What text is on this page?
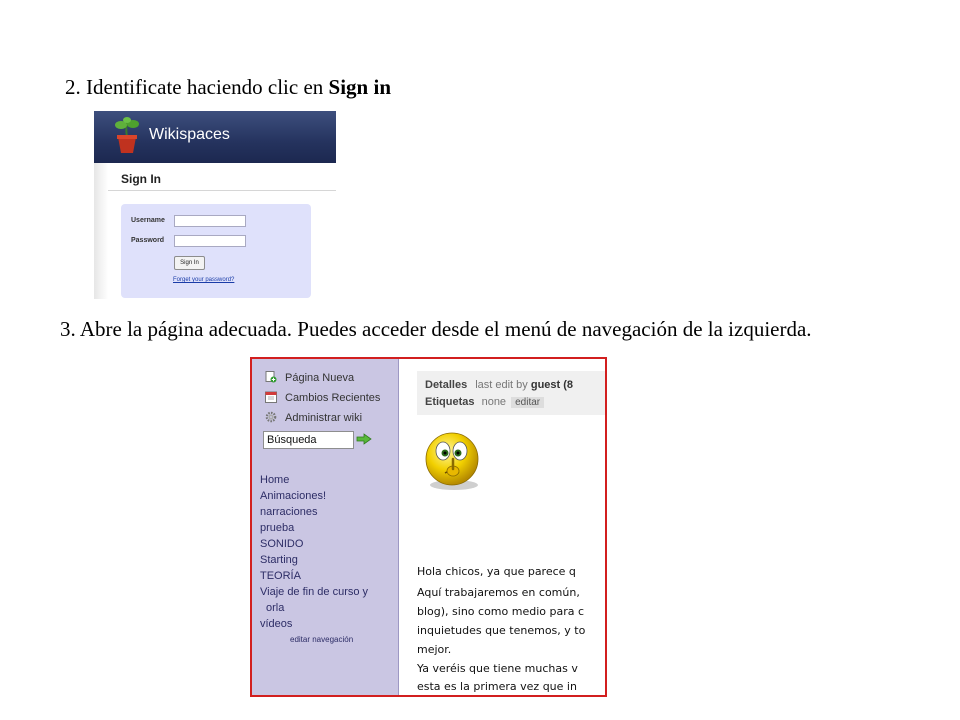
2. Identificate haciendo clic en Sign in
Wikispaces
Sign In
Username
Password
Sign In
Forget your password?
3. Abre la página adecuada. Puedes acceder desde el menú de navegación de la izquierda.
Página Nueva
Cambios Recientes
Administrar wiki
Búsqueda
Home
Animaciones!
narraciones
prueba
SONIDO
Starting
TEORÍA
Viaje de fin de curso y
orla
vídeos
editar navegación
Detalles last edit by guest (8
Etiquetas none editar
Hola chicos, ya que parece q
Aquí trabajaremos en común,
blog), sino como medio para c
inquietudes que tenemos, y to
mejor.
Ya veréis que tiene muchas v
esta es la primera vez que in
